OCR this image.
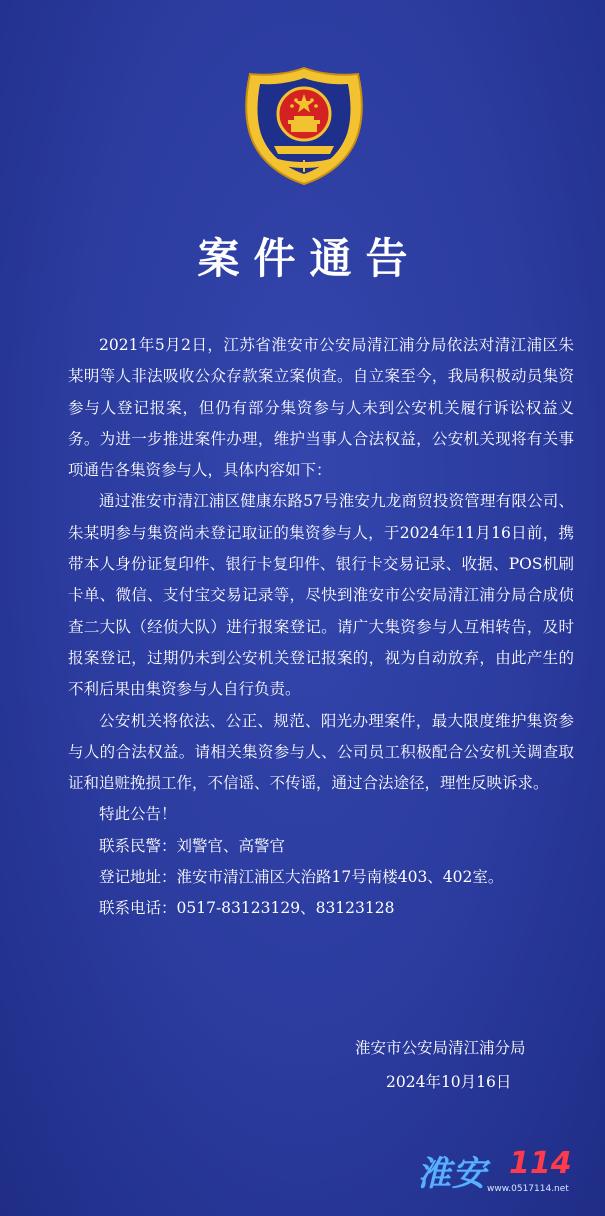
案件通告

2021年5月2日，江苏省淮安市公安局清江浦分局依法对清江浦区朱某明等人非法吸收公众存款案立案侦查。自立案至今，我局积极动员集资参与人登记报案，但仍有部分集资参与人未到公安机关履行诉讼权益义务。为进一步推进案件办理，维护当事人合法权益，公安机关现将有关事项通告各集资参与人，具体内容如下：

通过淮安市清江浦区健康东路57号淮安九龙商贸投资管理有限公司、朱某明参与集资尚未登记取证的集资参与人，于2024年11月16日前，携带本人身份证复印件、银行卡复印件、银行卡交易记录、收据、POS机刷卡单、微信、支付宝交易记录等，尽快到淮安市公安局清江浦分局合成侦查二大队（经侦大队）进行报案登记。请广大集资参与人互相转告，及时报案登记，过期仍未到公安机关登记报案的，视为自动放弃，由此产生的不利后果由集资参与人自行负责。

公安机关将依法、公正、规范、阳光办理案件，最大限度维护集资参与人的合法权益。请相关集资参与人、公司员工积极配合公安机关调查取证和追赃挽损工作，不信谣、不传谣，通过合法途径，理性反映诉求。

特此公告！

联系民警：刘警官、高警官

登记地址：淮安市清江浦区大治路17号南楼403、402室。

联系电话：0517-83123129、83123128

淮安市公安局清江浦分局
2024年10月16日
淮安 114
www.0517114.net
